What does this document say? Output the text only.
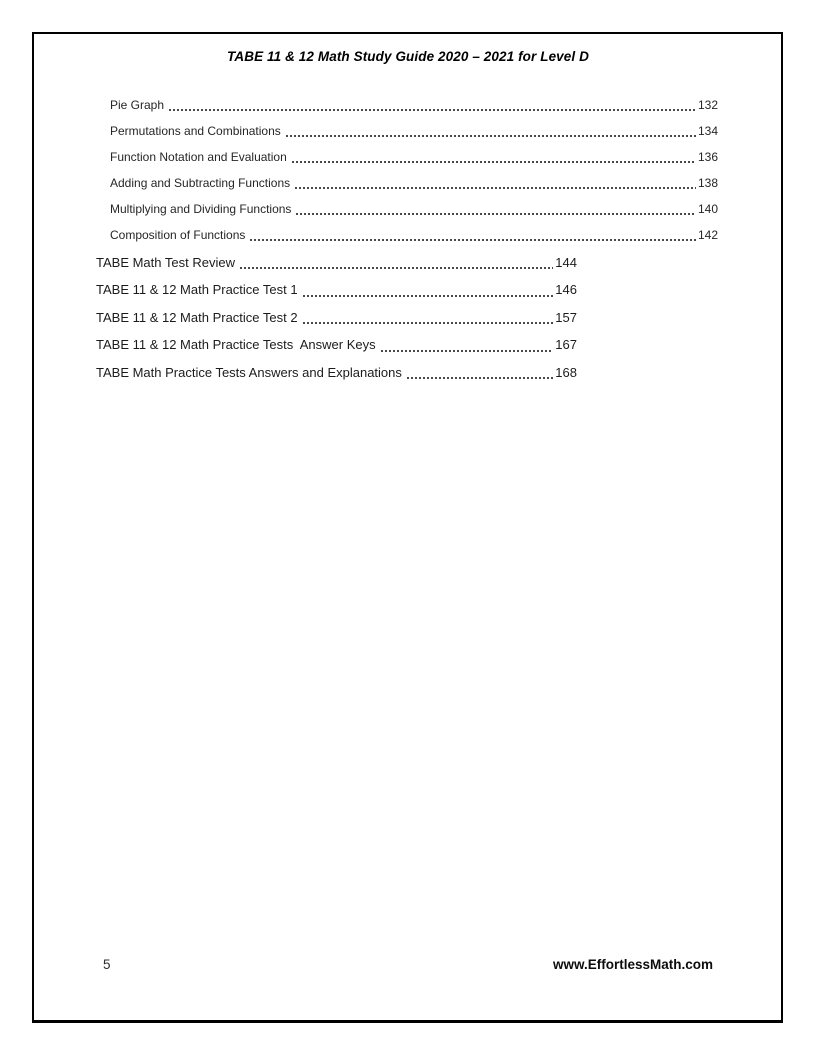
TABE 11 & 12 Math Study Guide 2020 – 2021 for Level D
Pie Graph	132
Permutations and Combinations	134
Function Notation and Evaluation	136
Adding and Subtracting Functions	138
Multiplying and Dividing Functions	140
Composition of Functions	142
TABE Math Test Review	144
TABE 11 & 12 Math Practice Test 1	146
TABE 11 & 12 Math Practice Test 2	157
TABE 11 & 12 Math Practice Tests  Answer Keys	167
TABE Math Practice Tests Answers and Explanations	168
5	www.EffortlessMath.com
